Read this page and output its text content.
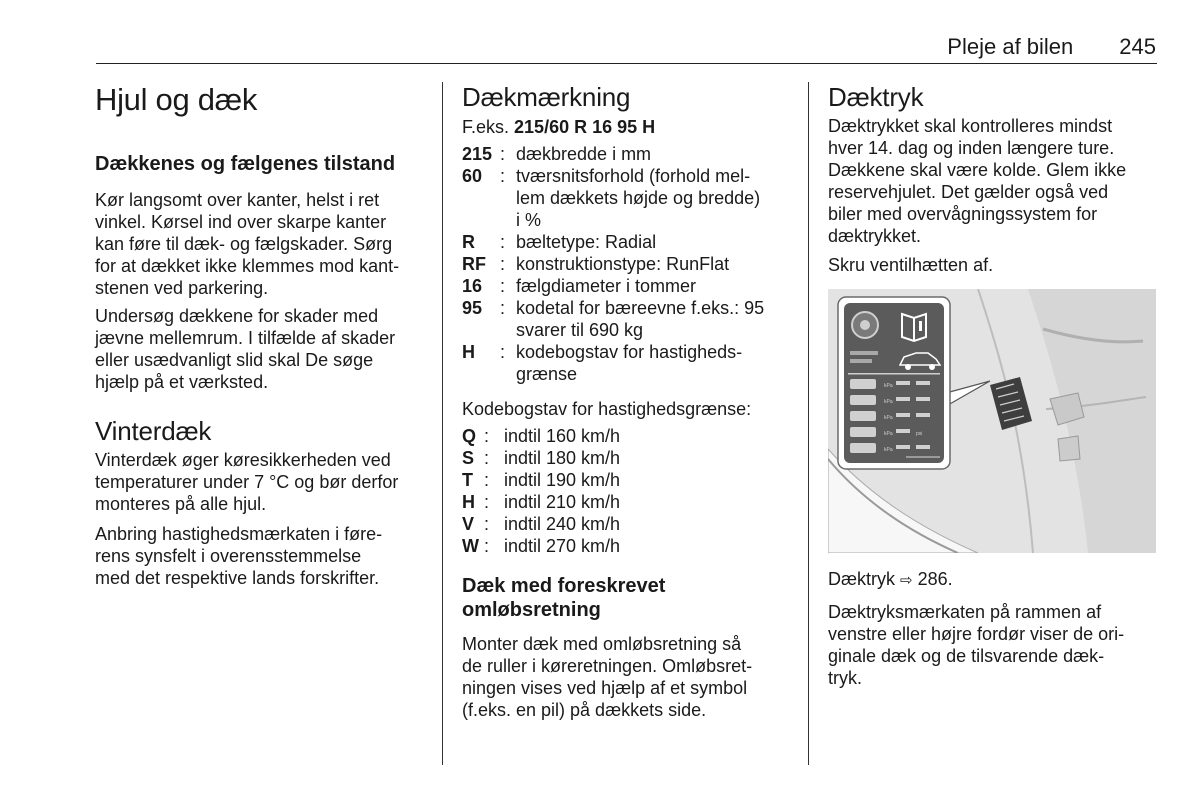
Pleje af bilen 245
Hjul og dæk
Dækkenes og fælgenes tilstand

Kør langsomt over kanter, helst i ret
vinkel. Kørsel ind over skarpe kanter
kan føre til dæk- og fælgskader. Sørg
for at dækket ikke klemmes mod kant-
stenen ved parkering.

Undersøg dækkene for skader med
jævne mellemrum. I tilfælde af skader
eller usædvanligt slid skal De søge
hjælp på et værksted.

Vinterdæk

Vinterdæk øger køresikkerheden ved
temperaturer under 7 °C og bør derfor
monteres på alle hjul.

Anbring hastighedsmærkaten i føre-
rens synsfelt i overensstemmelse
med det respektive lands forskrifter.

Dækmærkning

F.eks. 215/60 R 16 95 H

215 : dækbredde i mm
60 : tværsnitsforhold (forhold mel-
lem dækkets højde og bredde)
i %
R	: bæltetype: Radial
RF : konstruktionstype: RunFlat
16 : fælgdiameter i tommer
95 : kodetal for bæreevne f.eks.: 95
svarer til 690 kg
H	: kodebogstav for hastigheds-
grænse

Kodebogstav for hastighedsgrænse:

Q : indtil 160 km/h
S : indtil 180 km/h
T : indtil 190 km/h
H : indtil 210 km/h
V : indtil 240 km/h
W : indtil 270 km/h
Dæk med foreskrevet
omløbsretning

Monter dæk med omløbsretning så
de ruller i køreretningen. Omløbsret-
ningen vises ved hjælp af et symbol
(f.eks. en pil) på dækkets side.

Dæktryk

Dæktrykket skal kontrolleres mindst
hver 14. dag og inden længere ture.
Dækkene skal være kolde. Glem ikke
reservehjulet. Det gælder også ved
biler med overvågningssystem for
dæktrykket.

Skru ventilhætten af.

kPa
kPa
kPa
kPa	psi
kPa

Dæktryk ⇨ 286.

Dæktryksmærkaten på rammen af
venstre eller højre fordør viser de ori-
ginale dæk og de tilsvarende dæk-
tryk.
